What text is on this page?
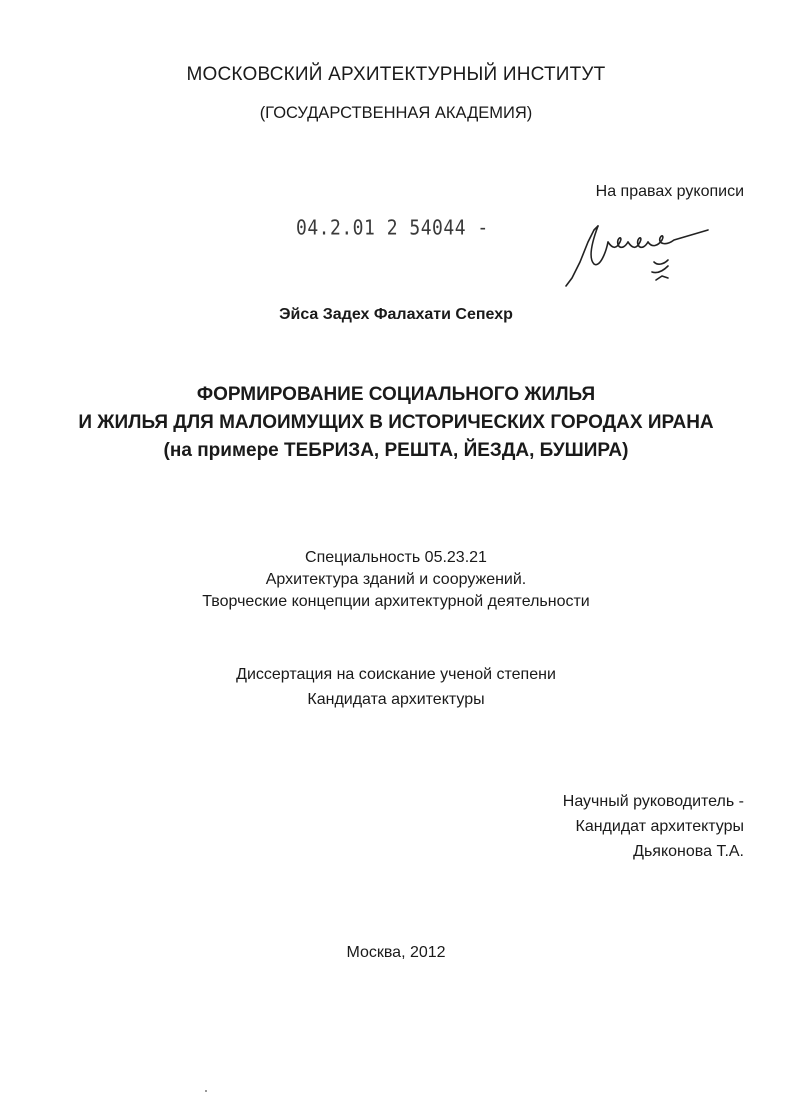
МОСКОВСКИЙ АРХИТЕКТУРНЫЙ ИНСТИТУТ
(ГОСУДАРСТВЕННАЯ АКАДЕМИЯ)
На правах рукописи
04.2.01 2 54044 -
Эйса Задех Фалахати Сепехр
ФОРМИРОВАНИЕ СОЦИАЛЬНОГО ЖИЛЬЯ
И ЖИЛЬЯ ДЛЯ МАЛОИМУЩИХ В ИСТОРИЧЕСКИХ ГОРОДАХ ИРАНА
(на примере ТЕБРИЗА, РЕШТА, ЙЕЗДА, БУШИРА)
Специальность 05.23.21
Архитектура зданий и сооружений.
Творческие концепции архитектурной деятельности
Диссертация на соискание ученой степени
Кандидата архитектуры
Научный руководитель -
Кандидат архитектуры
Дьяконова Т.А.
Москва, 2012
